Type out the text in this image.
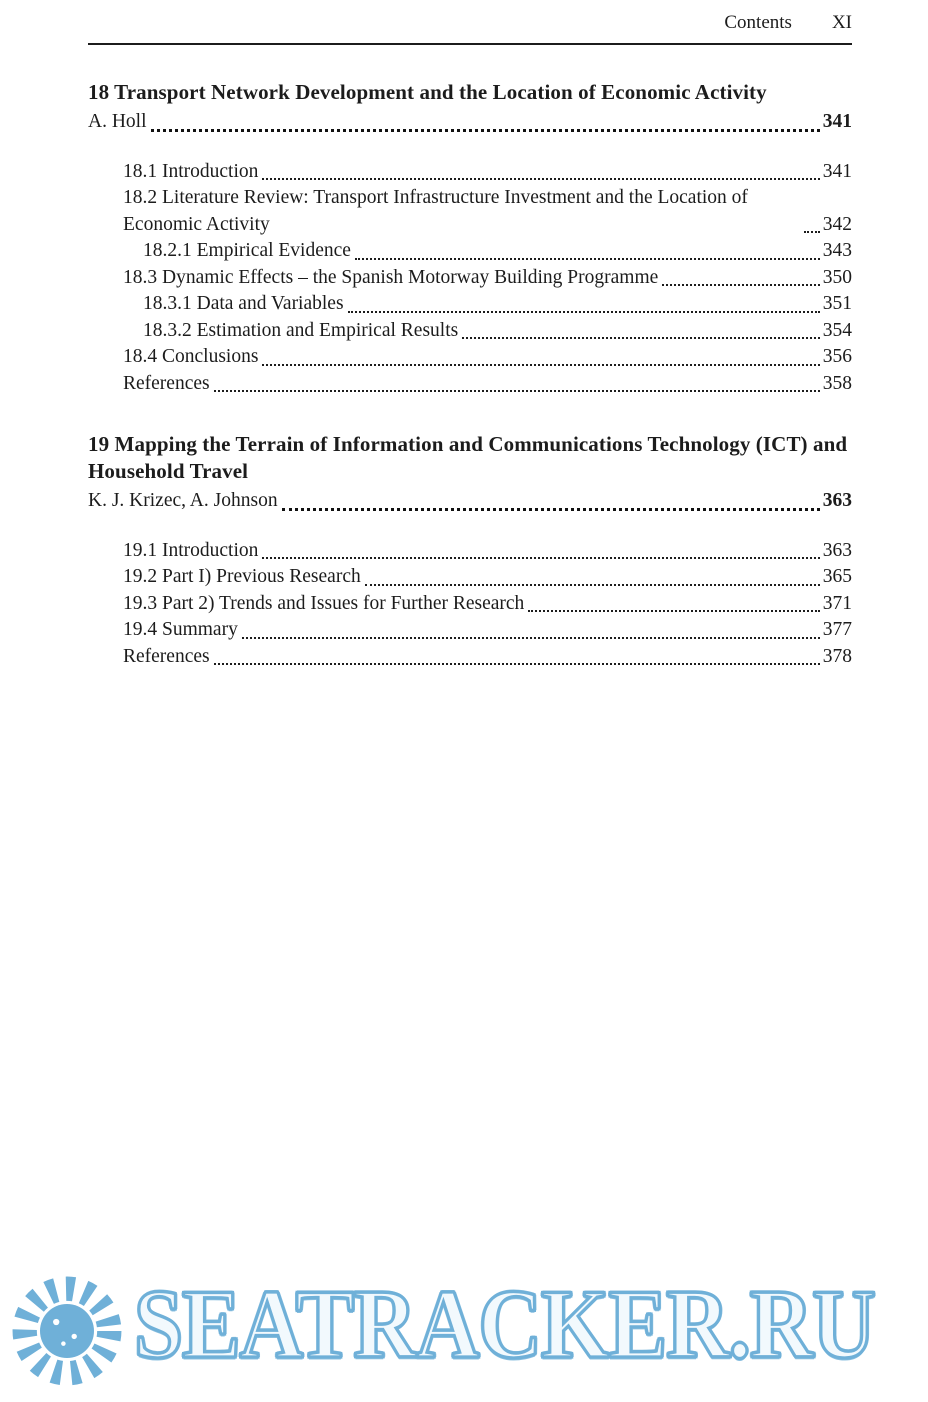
Contents XI
18 Transport Network Development and the Location of Economic Activity
A. Holl	341
18.1 Introduction	341
18.2 Literature Review: Transport Infrastructure Investment and the Location of Economic Activity	342
18.2.1 Empirical Evidence	343
18.3 Dynamic Effects – the Spanish Motorway Building Programme	350
18.3.1 Data and Variables	351
18.3.2 Estimation and Empirical Results	354
18.4 Conclusions	356
References	358
19 Mapping the Terrain of Information and Communications Technology (ICT) and Household Travel
K. J. Krizec, A. Johnson	363
19.1 Introduction	363
19.2 Part I) Previous Research	365
19.3 Part 2) Trends and Issues for Further Research	371
19.4 Summary	377
References	378
SEATRACKER.RU
